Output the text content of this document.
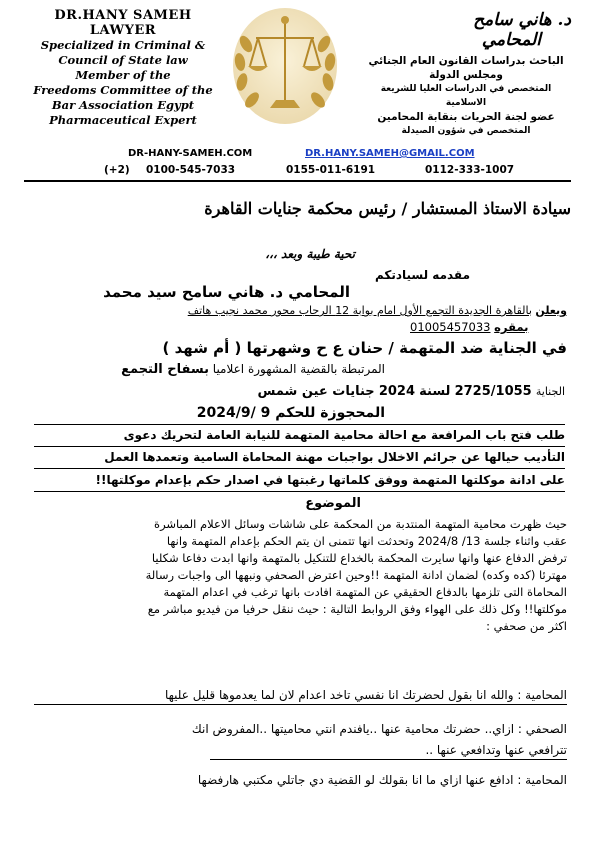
DR.HANY SAMEH
LAWYER
Specialized in Criminal &
Council of State law
Member of the
Freedoms Committee of the
Bar Association Egypt
Pharmaceutical Expert
د. هاني سامح
المحامي
الباحث بدراسات القانون العام الجنائي
ومجلس الدولة
المتخصص في الدراسات العليا للشريعة الاسلامية
عضو لجنة الحريات بنقابة المحامين
المتخصص في شؤون الصيدلة
DR-HANY-SAMEH.COM	DR.HANY.SAMEH@GMAIL.COM
(+2) 0100-545-7033	0155-011-6191	0112-333-1007
سيادة الاستاذ المستشار / رئيس محكمة جنايات القاهرة
تحية طيبة وبعد ،،،
مقدمه لسيادتكم
المحامي د. هاني سامح سيد محمد
ويعلن بالقاهرة الجديدة التجمع الأول امام بوابة 12 الرحاب محور محمد نجيب هاتف
01005457033 بمقره
في الجناية ضد المتهمة / حنان ع ح وشهرتها ( أم شهد )
المرتبطة بالقضية المشهورة اعلاميا بسفاح التجمع
الجناية 2725/1055 لسنة 2024 جنايات عين شمس
المحجوزة للحكم 9 /2024/9
طلب فتح باب المرافعة مع احالة محامية المتهمة للنيابة العامة لتحريك دعوى
التأديب حيالها عن جرائم الاخلال بواجبات مهنة المحاماة السامية وتعمدها العمل
على ادانة موكلتها المتهمة ووفق كلماتها رغبتها في اصدار حكم بإعدام موكلتها!!
الموضوع
حيث ظهرت محامية المتهمة المنتدبة من المحكمة على شاشات وسائل الاعلام المباشرة
عقب واثناء جلسة 13/ 2024/8 وتحدثت انها تتمنى ان يتم الحكم بإعدام المتهمة وانها
ترفض الدفاع عنها وانها سايرت المحكمة بالخداع للتنكيل بالمتهمة وانها ابدت دفاعا شكليا
مهترئا (كده وكده) لضمان ادانة المتهمة !!وحين اعترض الصحفي ونبهها الى واجبات رسالة
المحاماة التى تلزمها بالدفاع الحقيقي عن المتهمة افادت بانها ترغب في اعدام المتهمة
موكلتها!! وكل ذلك على الهواء وفق الروابط التالية : حيث ننقل حرفيا من فيديو مباشر مع
اكثر من صحفي :
المحامية : والله انا بقول لحضرتك انا نفسي تاخد اعدام لان لما يعدموها قليل عليها
الصحفي : ازاي.. حضرتك محامية عنها ..يافندم انتي محاميتها ..المفروض انك
تترافعي عنها وتدافعي عنها ..
المحامية : ادافع عنها ازاي ما انا بقولك لو القضية دي جاتلي مكتبي هارفضها
